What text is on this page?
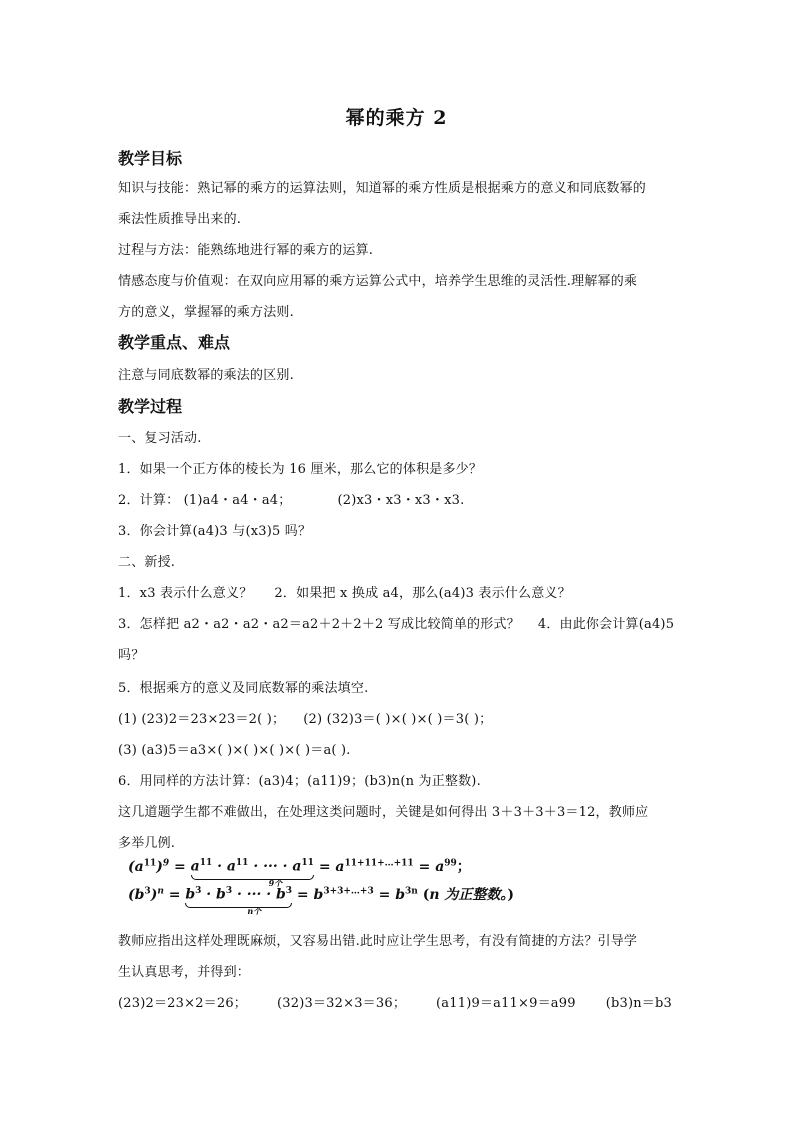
幂的乘方 2
教学目标
知识与技能：熟记幂的乘方的运算法则，知道幂的乘方性质是根据乘方的意义和同底数幂的
乘法性质推导出来的.
过程与方法：能熟练地进行幂的乘方的运算.
情感态度与价值观：在双向应用幂的乘方运算公式中，培养学生思维的灵活性.理解幂的乘
方的意义，掌握幂的乘方法则.
教学重点、难点
注意与同底数幂的乘法的区别.
教学过程
一、复习活动.
1．如果一个正方体的棱长为 16 厘米，那么它的体积是多少？
2．计算： (1)a4・a4・a4；	(2)x3・x3・x3・x3.
3．你会计算(a4)3 与(x3)5 吗？
二、新授.
1．x3 表示什么意义？ 2．如果把 x 换成 a4，那么(a4)3 表示什么意义？
3．怎样把 a2・a2・a2・a2＝a2＋2＋2＋2 写成比较简单的形式？ 4．由此你会计算(a4)5
吗？
5．根据乘方的意义及同底数幂的乘法填空.
(1) (23)2＝23×23＝2( )； (2) (32)3＝( )×( )×( )＝3( )；
(3) (a3)5＝a3×( )×( )×( )×( )＝a( ).
6．用同样的方法计算：(a3)4；(a11)9；(b3)n(n 为正整数).
这几道题学生都不难做出，在处理这类问题时，关键是如何得出 3＋3＋3＋3＝12，教师应
多举几例.
$(a^{11})^9 = a^{11} \cdot a^{11}$ · ··· · $a^{11}$
9个
= $a^{11+11+\dots+11} = a^{99}$；
$(b^3)^n = b^3 \cdot b^3$ · ··· · $b^3$
n个
= $b^{3+3+\dots+3} = b^{3n}$ (n 为正整数。)
教师应指出这样处理既麻烦，又容易出错.此时应让学生思考，有没有简捷的方法？引导学
生认真思考，并得到：
(23)2＝23×2＝26； (32)3＝32×3＝36； (a11)9＝a11×9＝a99 (b3)n＝b3
